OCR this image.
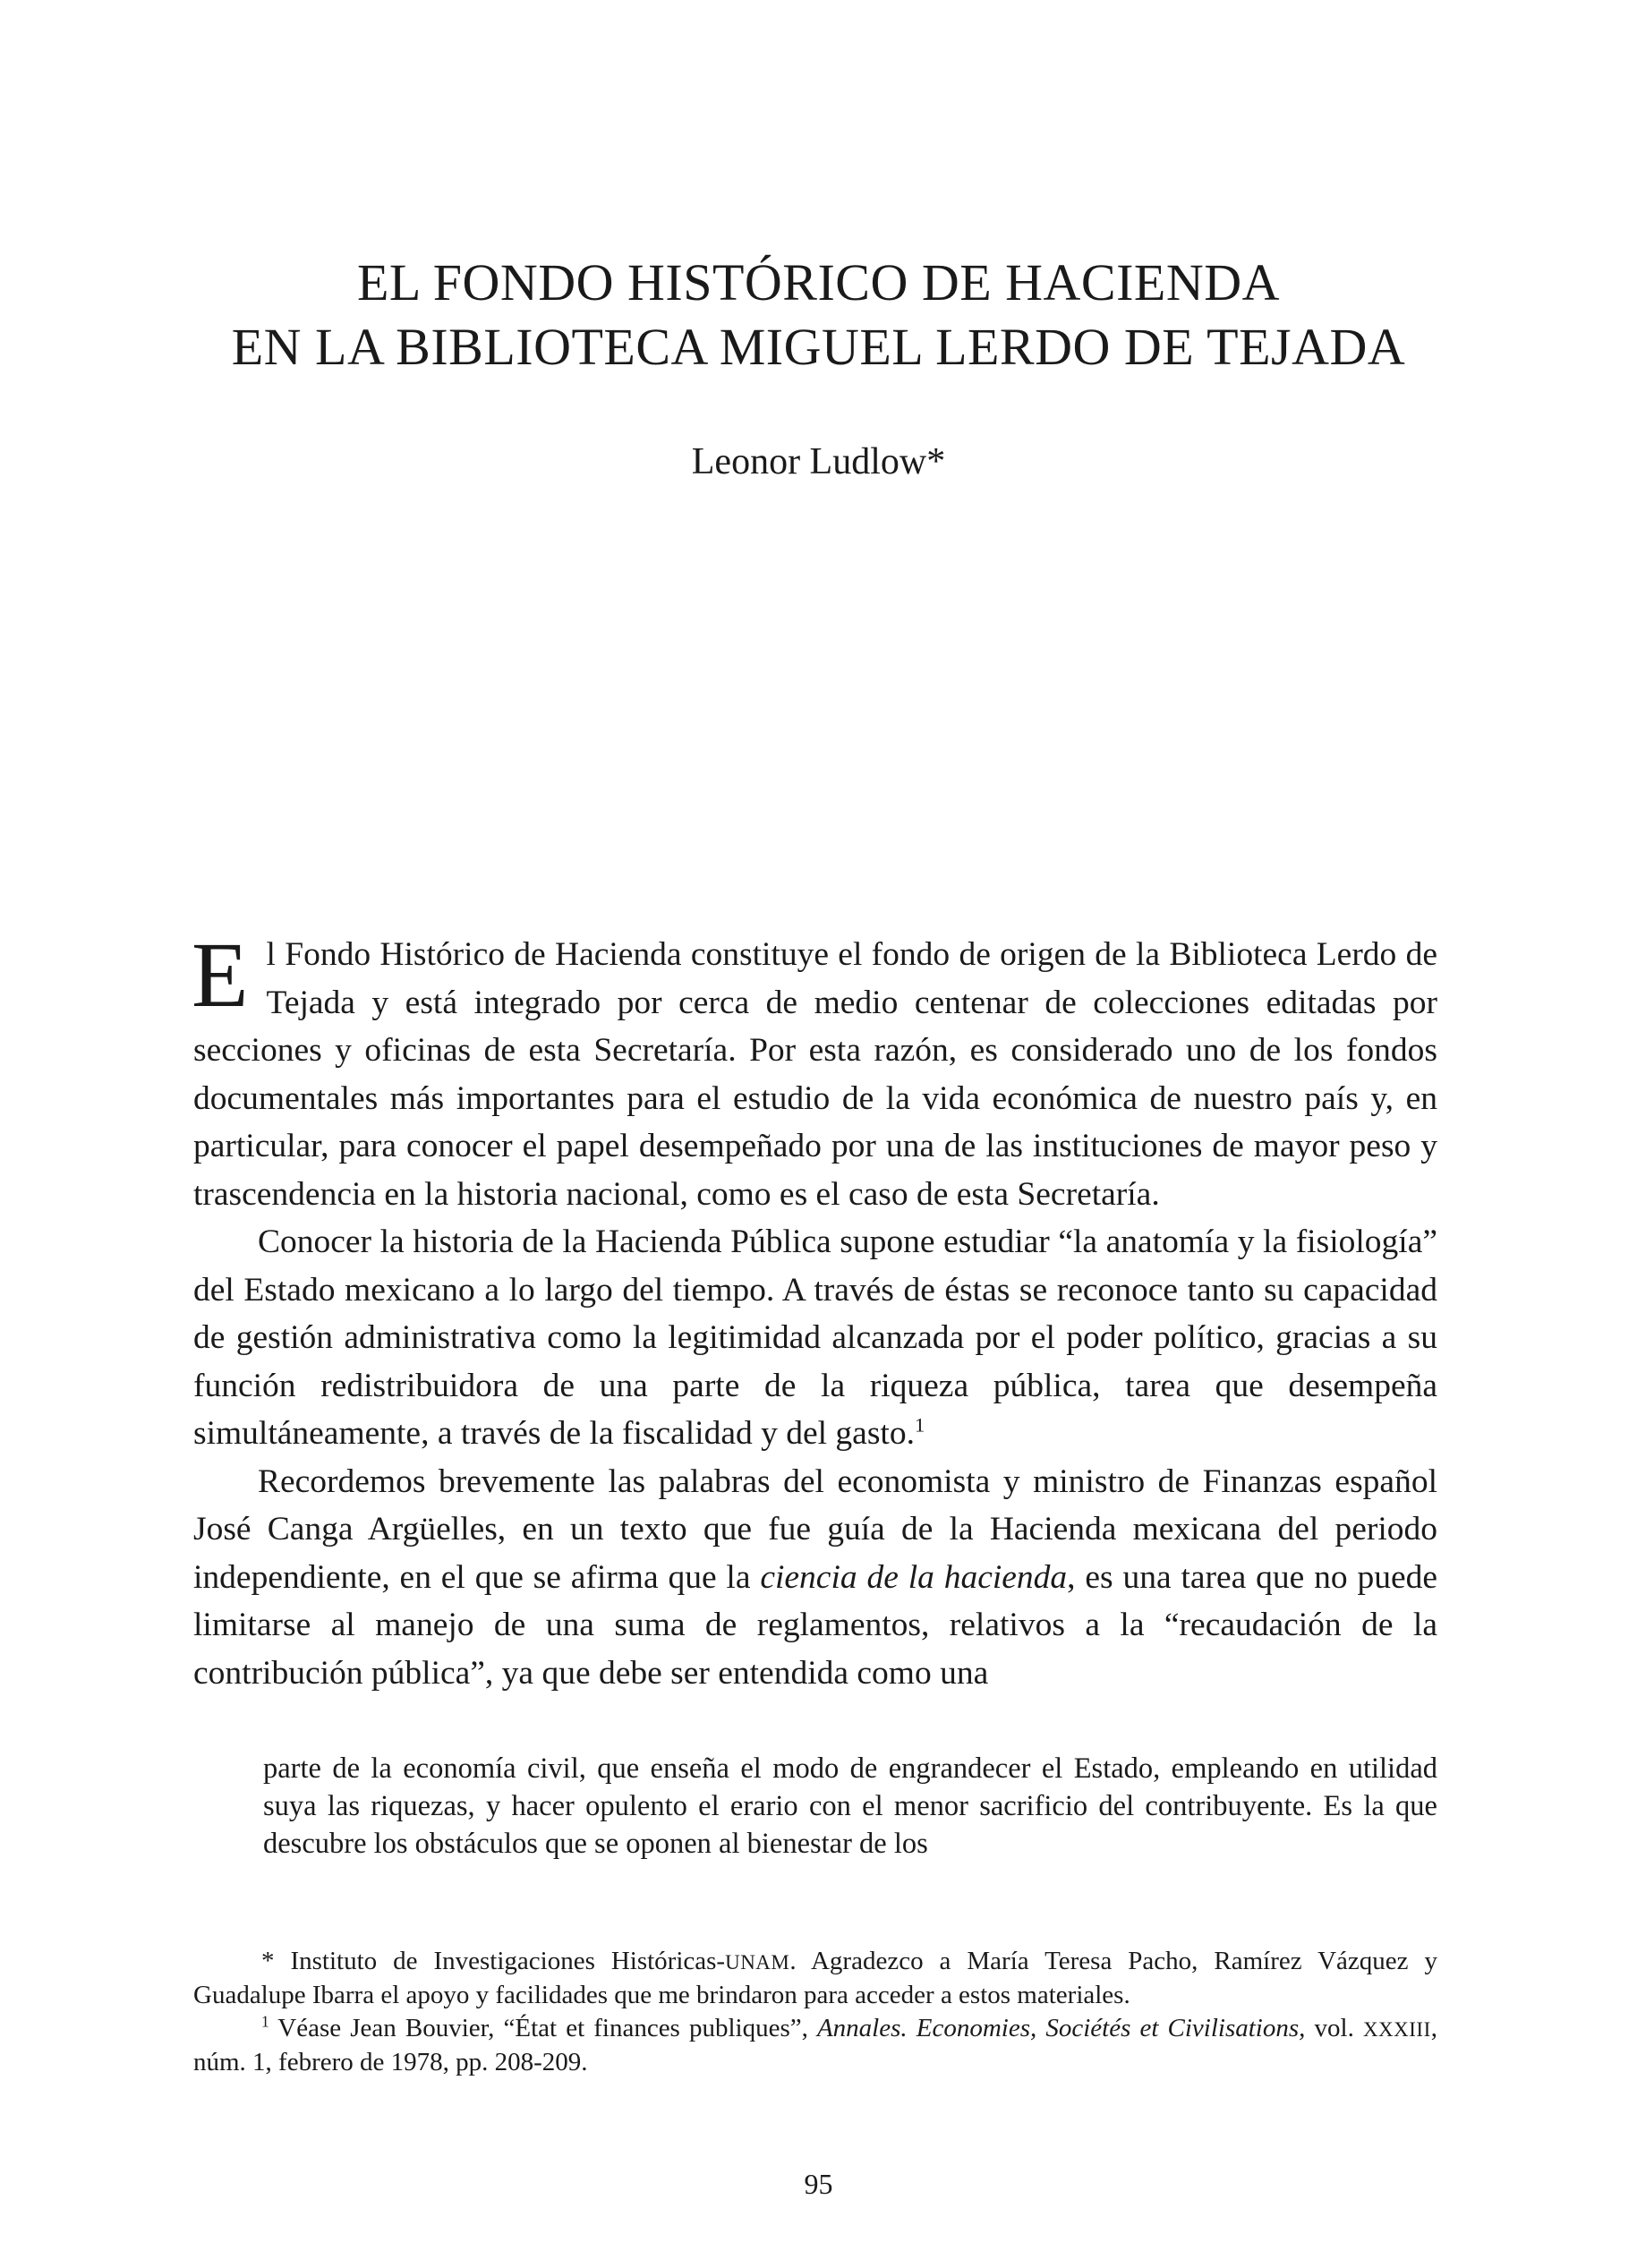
EL FONDO HISTÓRICO DE HACIENDA
EN LA BIBLIOTECA MIGUEL LERDO DE TEJADA
Leonor Ludlow*

El Fondo Histórico de Hacienda constituye el fondo de origen de la Biblioteca Lerdo de Tejada y está integrado por cerca de medio centenar de colecciones editadas por secciones y oficinas de esta Secretaría. Por esta razón, es considerado uno de los fondos documentales más importantes para el estudio de la vida económica de nuestro país y, en particular, para conocer el papel desempeñado por una de las instituciones de mayor peso y trascendencia en la historia nacional, como es el caso de esta Secretaría.

Conocer la historia de la Hacienda Pública supone estudiar “la anatomía y la fisiología” del Estado mexicano a lo largo del tiempo. A través de éstas se reconoce tanto su capacidad de gestión administrativa como la legitimidad alcanzada por el poder político, gracias a su función redistribuidora de una parte de la riqueza pública, tarea que desempeña simultáneamente, a través de la fiscalidad y del gasto.$^1$

Recordemos brevemente las palabras del economista y ministro de Finanzas español José Canga Argüelles, en un texto que fue guía de la Hacienda mexicana del periodo independiente, en el que se afirma que la ciencia de la hacienda, es una tarea que no puede limitarse al manejo de una suma de reglamentos, relativos a la “recaudación de la contribución pública”, ya que debe ser entendida como una

parte de la economía civil, que enseña el modo de engrandecer el Estado, empleando en utilidad suya las riquezas, y hacer opulento el erario con el menor sacrificio del contribuyente. Es la que descubre los obstáculos que se oponen al bienestar de los

* Instituto de Investigaciones Históricas-UNAM. Agradezco a María Teresa Pacho, Ramírez Vázquez y Guadalupe Ibarra el apoyo y facilidades que me brindaron para acceder a estos materiales.

$^1$ Véase Jean Bouvier, “État et finances publiques”, Annales. Economies, Sociétés et Civilisations, vol. XXXIII, núm. 1, febrero de 1978, pp. 208-209.

95
